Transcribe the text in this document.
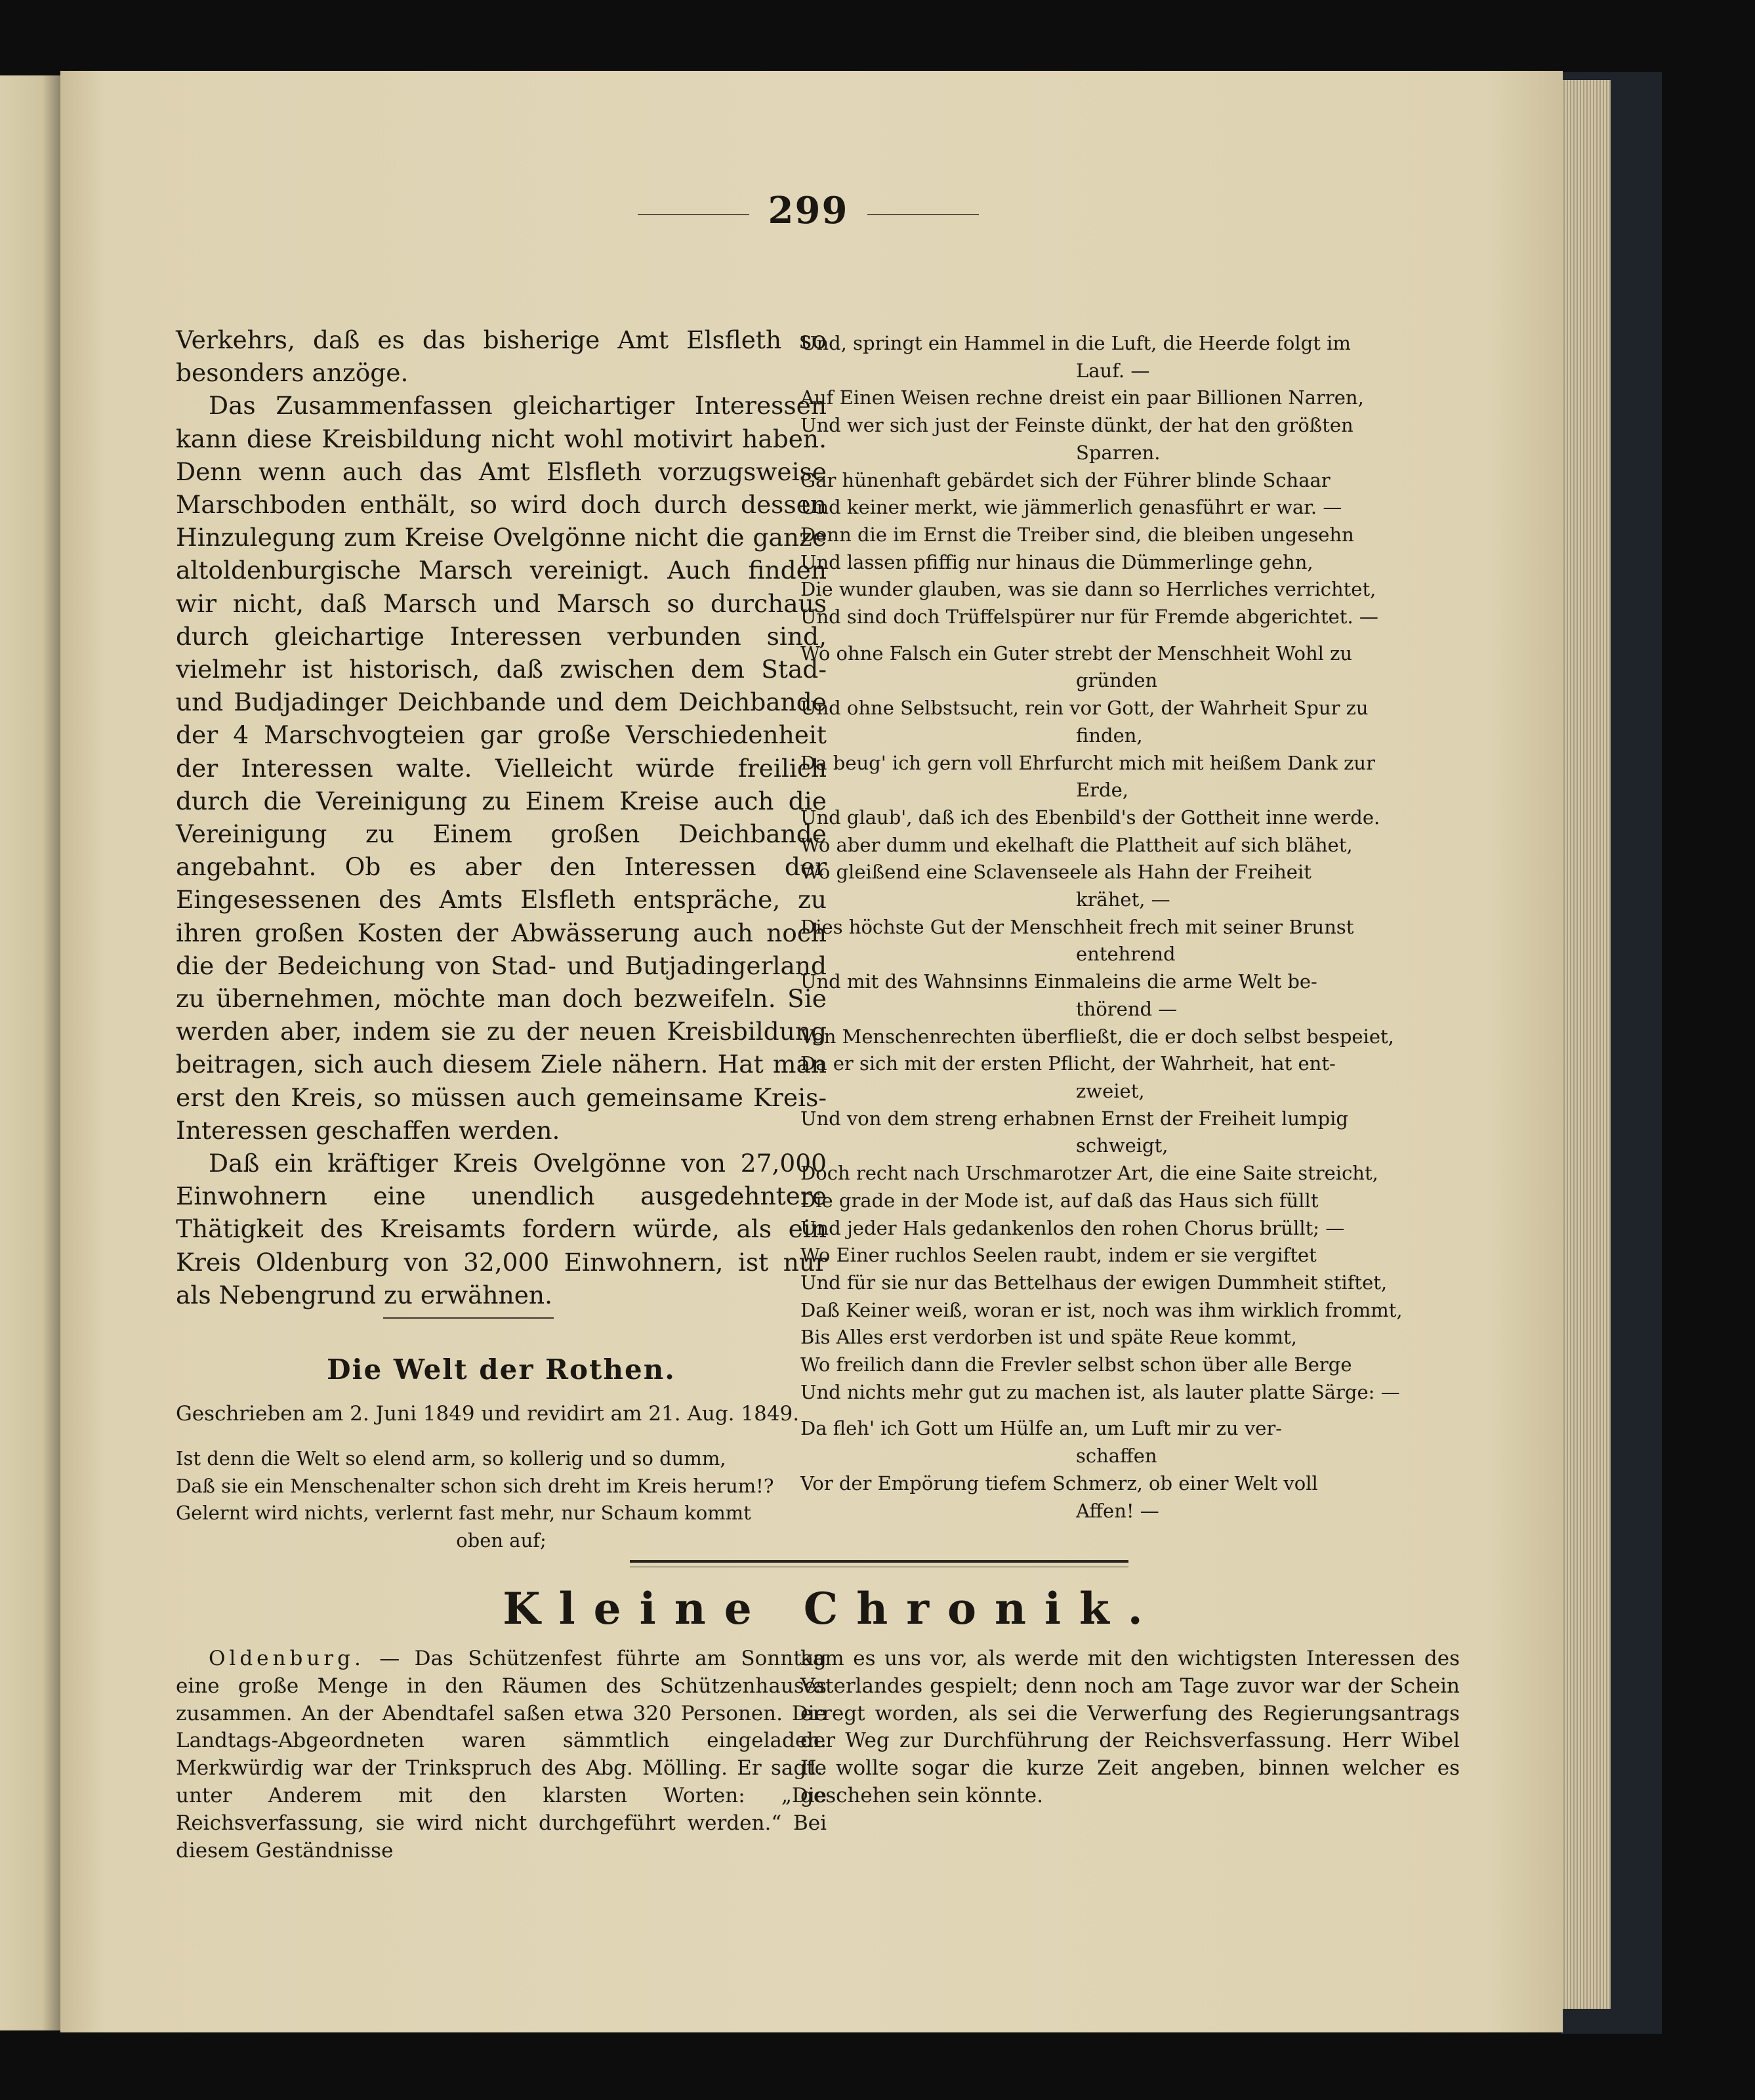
299

Verkehrs, daß es das bisherige Amt Elsfleth so besonders anzöge.

Das Zusammenfassen gleichartiger Interessen kann diese Kreisbildung nicht wohl motivirt haben. Denn wenn auch das Amt Elsfleth vorzugsweise Marschboden enthält, so wird doch durch dessen Hinzulegung zum Kreise Ovelgönne nicht die ganze altoldenburgische Marsch vereinigt. Auch finden wir nicht, daß Marsch und Marsch so durchaus durch gleichartige Interessen verbunden sind, vielmehr ist historisch, daß zwischen dem Stad- und Budjadinger Deichbande und dem Deichbande der 4 Marschvogteien gar große Verschiedenheit der Interessen walte. Vielleicht würde freilich durch die Vereinigung zu Einem Kreise auch die Vereinigung zu Einem großen Deichbande angebahnt. Ob es aber den Interessen der Eingesessenen des Amts Elsfleth entspräche, zu ihren großen Kosten der Abwässerung auch noch die der Bedeichung von Stad- und Butjadingerland zu übernehmen, möchte man doch bezweifeln. Sie werden aber, indem sie zu der neuen Kreisbildung beitragen, sich auch diesem Ziele nähern. Hat man erst den Kreis, so müssen auch gemeinsame Kreis-Interessen geschaffen werden.

Daß ein kräftiger Kreis Ovelgönne von 27,000 Einwohnern eine unendlich ausgedehntere Thätigkeit des Kreisamts fordern würde, als ein Kreis Oldenburg von 32,000 Einwohnern, ist nur als Nebengrund zu erwähnen.

Die Welt der Rothen.
Geschrieben am 2. Juni 1849 und revidirt am 21. Aug. 1849.

Ist denn die Welt so elend arm, so kollerig und so dumm,

Daß sie ein Menschenalter schon sich dreht im Kreis herum!?

Gelernt wird nichts, verlernt fast mehr, nur Schaum kommt
oben auf;

Und, springt ein Hammel in die Luft, die Heerde folgt im
Lauf. —

Auf Einen Weisen rechne dreist ein paar Billionen Narren,

Und wer sich just der Feinste dünkt, der hat den größten
Sparren.

Gar hünenhaft gebärdet sich der Führer blinde Schaar

Und keiner merkt, wie jämmerlich genasführt er war. —

Denn die im Ernst die Treiber sind, die bleiben ungesehn

Und lassen pfiffig nur hinaus die Dümmerlinge gehn,

Die wunder glauben, was sie dann so Herrliches verrichtet,

Und sind doch Trüffelspürer nur für Fremde abgerichtet. —

Wo ohne Falsch ein Guter strebt der Menschheit Wohl zu
gründen

Und ohne Selbstsucht, rein vor Gott, der Wahrheit Spur zu
finden,

Da beug' ich gern voll Ehrfurcht mich mit heißem Dank zur
Erde,

Und glaub', daß ich des Ebenbild's der Gottheit inne werde.

Wo aber dumm und ekelhaft die Plattheit auf sich blähet,

Wo gleißend eine Sclavenseele als Hahn der Freiheit
krähet, —

Dies höchste Gut der Menschheit frech mit seiner Brunst
entehrend

Und mit des Wahnsinns Einmaleins die arme Welt be-
thörend —

Von Menschenrechten überfließt, die er doch selbst bespeiet,

Da er sich mit der ersten Pflicht, der Wahrheit, hat ent-
zweiet,

Und von dem streng erhabnen Ernst der Freiheit lumpig
schweigt,

Doch recht nach Urschmarotzer Art, die eine Saite streicht,

Die grade in der Mode ist, auf daß das Haus sich füllt

Und jeder Hals gedankenlos den rohen Chorus brüllt; —

Wo Einer ruchlos Seelen raubt, indem er sie vergiftet

Und für sie nur das Bettelhaus der ewigen Dummheit stiftet,

Daß Keiner weiß, woran er ist, noch was ihm wirklich frommt,

Bis Alles erst verdorben ist und späte Reue kommt,

Wo freilich dann die Frevler selbst schon über alle Berge

Und nichts mehr gut zu machen ist, als lauter platte Särge: —

Da fleh' ich Gott um Hülfe an, um Luft mir zu ver-
schaffen

Vor der Empörung tiefem Schmerz, ob einer Welt voll
Affen! —

Kleine Chronik.

Oldenburg. — Das Schützenfest führte am Sonntag eine große Menge in den Räumen des Schützenhauses zusammen. An der Abendtafel saßen etwa 320 Personen. Die Landtags-Abgeordneten waren sämmtlich eingeladen. Merkwürdig war der Trinkspruch des Abg. Mölling. Er sagte unter Anderem mit den klarsten Worten: „Die Reichsverfassung, sie wird nicht durchgeführt werden.“ Bei diesem Geständnisse

kam es uns vor, als werde mit den wichtigsten Interessen des Vaterlandes gespielt; denn noch am Tage zuvor war der Schein erregt worden, als sei die Verwerfung des Regierungsantrags der Weg zur Durchführung der Reichsverfassung. Herr Wibel II. wollte sogar die kurze Zeit angeben, binnen welcher es geschehen sein könnte.
